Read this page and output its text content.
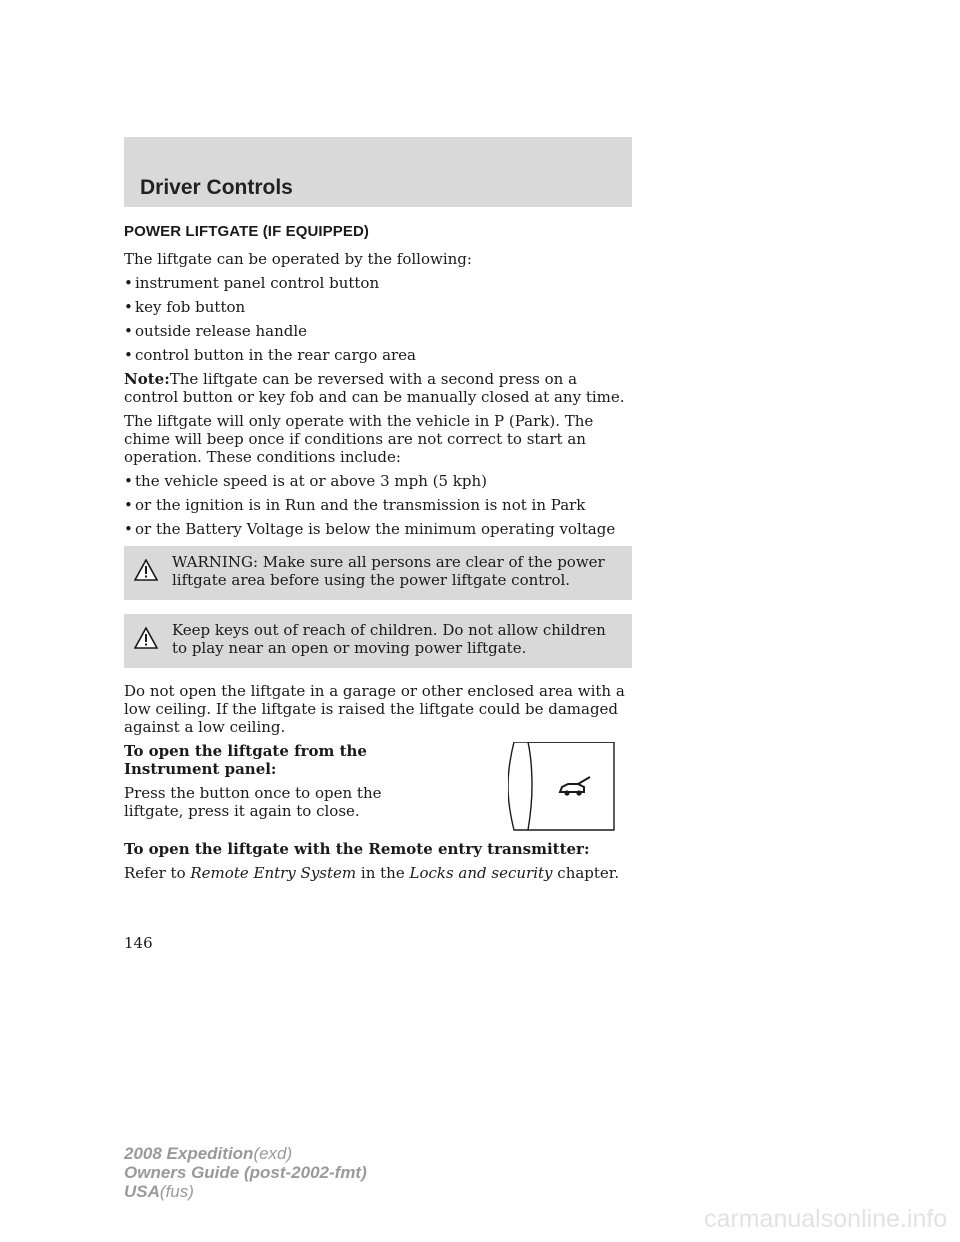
Driver Controls
POWER LIFTGATE (IF EQUIPPED)

The liftgate can be operated by the following:

• instrument panel control button
• key fob button
• outside release handle
• control button in the rear cargo area

Note:The liftgate can be reversed with a second press on a control button or key fob and can be manually closed at any time.

The liftgate will only operate with the vehicle in P (Park). The chime will beep once if conditions are not correct to start an operation. These conditions include:

• the vehicle speed is at or above 3 mph (5 kph)
• or the ignition is in Run and the transmission is not in Park
• or the Battery Voltage is below the minimum operating voltage
WARNING: Make sure all persons are clear of the power liftgate area before using the power liftgate control.
Keep keys out of reach of children. Do not allow children to play near an open or moving power liftgate.

Do not open the liftgate in a garage or other enclosed area with a low ceiling. If the liftgate is raised the liftgate could be damaged against a low ceiling.

To open the liftgate from the Instrument panel:

Press the button once to open the liftgate, press it again to close.

To open the liftgate with the Remote entry transmitter:

Refer to Remote Entry System in the Locks and security chapter.

146
2008 Expedition(exd)
Owners Guide (post-2002-fmt)
USA(fus)
carmanualsonline.info
